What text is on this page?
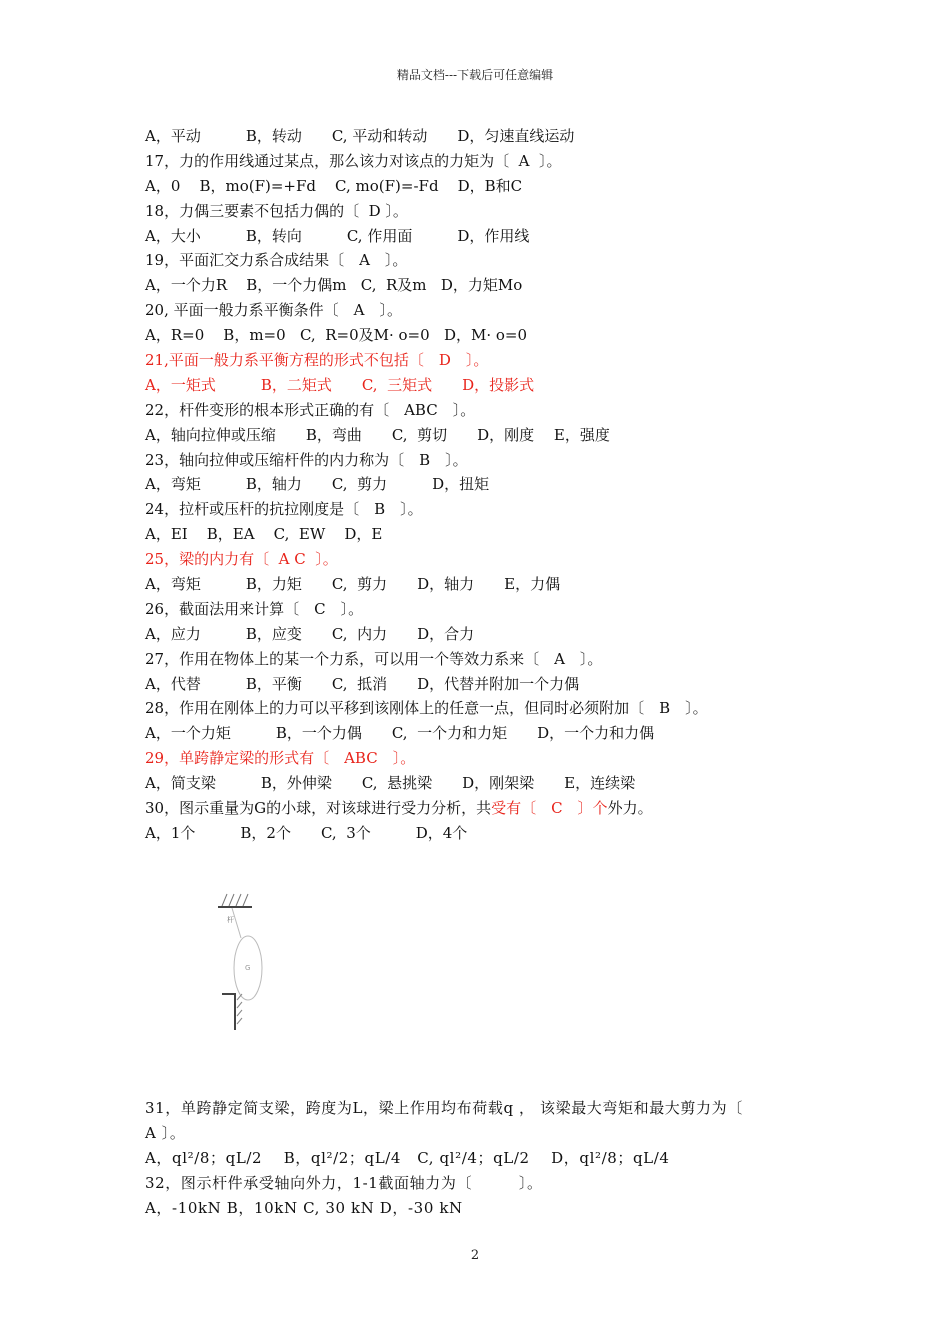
精品文档---下载后可任意编辑
A，平动　　　B，转动　　C, 平动和转动　　D，匀速直线运动
17，力的作用线通过某点，那么该力对该点的力矩为〔  A  〕。
A，0    B，mo(F)=+Fd    C, mo(F)=-Fd    D，B和C
18，力偶三要素不包括力偶的〔  D 〕。
A，大小　　　B，转向　　　C, 作用面　　　D，作用线
19，平面汇交力系合成结果〔　A　〕。
A，一个力R    B，一个力偶m   C,  R及m   D，力矩Mo
20, 平面一般力系平衡条件〔　A　〕。
A，R=0    B，m=0   C,  R=0及M· o=0   D，M· o=0
21,平面一般力系平衡方程的形式不包括〔　D　〕。
A，一矩式　　　B，二矩式　　C,  三矩式　　D，投影式
22，杆件变形的根本形式正确的有〔　ABC　〕。
A，轴向拉伸或压缩　　B，弯曲　　C,  剪切　　D，刚度　 E，强度
23，轴向拉伸或压缩杆件的内力称为〔　B　〕。
A，弯矩　　　B，轴力　　C,  剪力　　　D，扭矩
24，拉杆或压杆的抗拉刚度是〔　B　〕。
A，EI    B，EA    C,  EW    D，E
25，梁的内力有〔  A C  〕。
A，弯矩　　　B，力矩　　C,  剪力　　D，轴力　　E，力偶
26，截面法用来计算〔　C　〕。
A，应力　　　B，应变　　C,  内力　　D，合力
27，作用在物体上的某一个力系，可以用一个等效力系来〔　A　〕。
A，代替　　　B，平衡　　C,  抵消　　D，代替并附加一个力偶
28，作用在刚体上的力可以平移到该刚体上的任意一点，但同时必须附加〔　B　〕。
A，一个力矩　　　B，一个力偶　　C,  一个力和力矩　　D，一个力和力偶
29，单跨静定梁的形式有〔　ABC　〕。
A，简支梁　　　B，外伸梁　　C,  悬挑梁　　D，刚架梁　　E，连续梁
30，图示重量为G的小球，对该球进行受力分析，共受有〔　C　〕个外力。
A，1个　　　B，2个　　C,  3个　　　D，4个
杆
G
31，单跨静定简支梁，跨度为L，梁上作用均布荷载q ， 该梁最大弯矩和最大剪力为〔
A 〕。
A，ql²/8；qL/2 B，ql²/2；qL/4 C, ql²/4；qL/2 D，ql²/8；qL/4
32，图示杆件承受轴向外力，1-1截面轴力为〔　　　〕。
A，-10kN B，10kN C, 30 kN D，-30 kN
2
